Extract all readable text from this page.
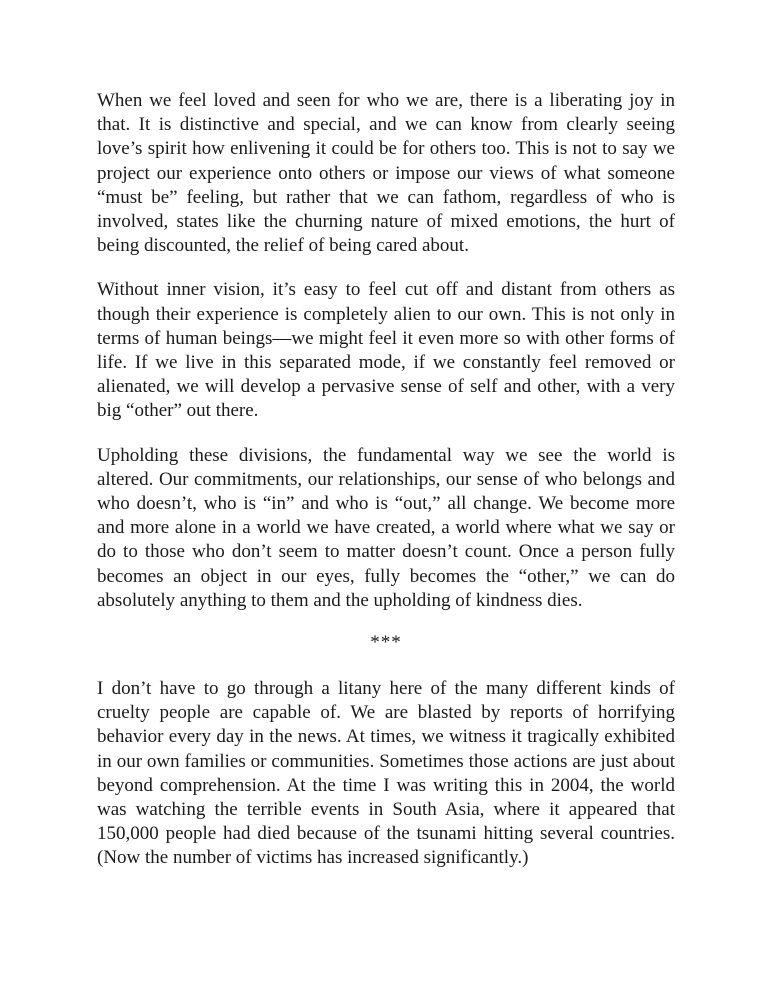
When we feel loved and seen for who we are, there is a liberating joy in that. It is distinctive and special, and we can know from clearly seeing love’s spirit how enlivening it could be for others too. This is not to say we project our experience onto others or impose our views of what someone “must be” feeling, but rather that we can fathom, regardless of who is involved, states like the churning nature of mixed emotions, the hurt of being discounted, the relief of being cared about.

Without inner vision, it’s easy to feel cut off and distant from others as though their experience is completely alien to our own. This is not only in terms of human beings—we might feel it even more so with other forms of life. If we live in this separated mode, if we constantly feel removed or alienated, we will develop a pervasive sense of self and other, with a very big “other” out there.

Upholding these divisions, the fundamental way we see the world is altered. Our commitments, our relationships, our sense of who belongs and who doesn’t, who is “in” and who is “out,” all change. We become more and more alone in a world we have created, a world where what we say or do to those who don’t seem to matter doesn’t count. Once a person fully becomes an object in our eyes, fully becomes the “other,” we can do absolutely anything to them and the upholding of kindness dies.

***

I don’t have to go through a litany here of the many different kinds of cruelty people are capable of. We are blasted by reports of horrifying behavior every day in the news. At times, we witness it tragically exhibited in our own families or communities. Sometimes those actions are just about beyond comprehension. At the time I was writing this in 2004, the world was watching the terrible events in South Asia, where it appeared that 150,000 people had died because of the tsunami hitting several countries. (Now the number of victims has increased significantly.)
